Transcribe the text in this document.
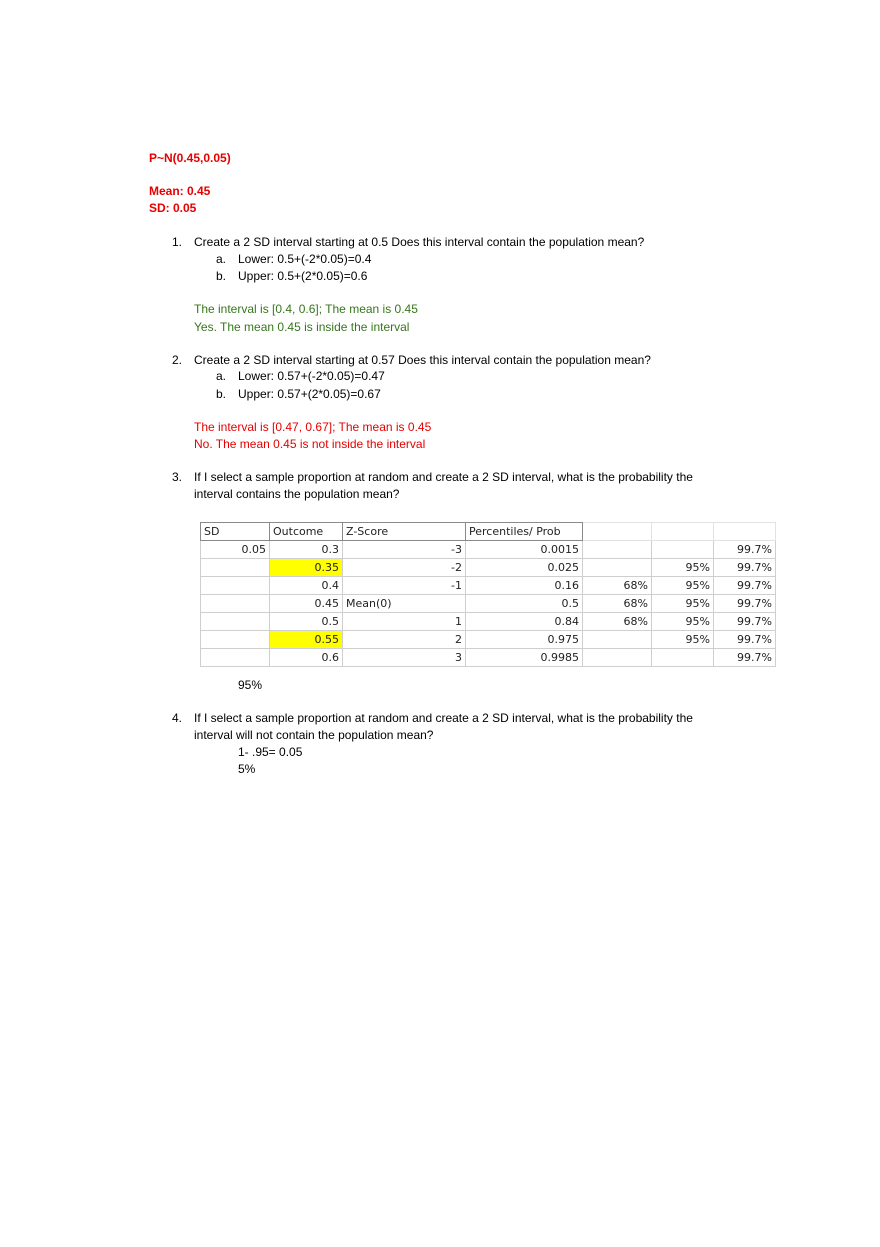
P~N(0.45,0.05)
Mean: 0.45
SD: 0.05
1. Create a 2 SD interval starting at 0.5 Does this interval contain the population mean?
a. Lower: 0.5+(-2*0.05)=0.4
b. Upper: 0.5+(2*0.05)=0.6
The interval is [0.4, 0.6]; The mean is 0.45
Yes. The mean 0.45 is inside the interval
2. Create a 2 SD interval starting at 0.57 Does this interval contain the population mean?
a. Lower: 0.57+(-2*0.05)=0.47
b. Upper: 0.57+(2*0.05)=0.67
The interval is [0.47, 0.67]; The mean is 0.45
No. The mean 0.45 is not inside the interval
3. If I select a sample proportion at random and create a 2 SD interval, what is the probability the
interval contains the population mean?
SD	Outcome	Z-Score	Percentiles/ Prob			
0.05	0.3	-3	0.0015			99.7%
	0.35	-2	0.025		95%	99.7%
	0.4	-1	0.16	68%	95%	99.7%
	0.45	Mean(0)	0.5	68%	95%	99.7%
	0.5	1	0.84	68%	95%	99.7%
	0.55	2	0.975		95%	99.7%
	0.6	3	0.9985			99.7%
95%
4. If I select a sample proportion at random and create a 2 SD interval, what is the probability the
interval will not contain the population mean?
1- .95= 0.05
5%
